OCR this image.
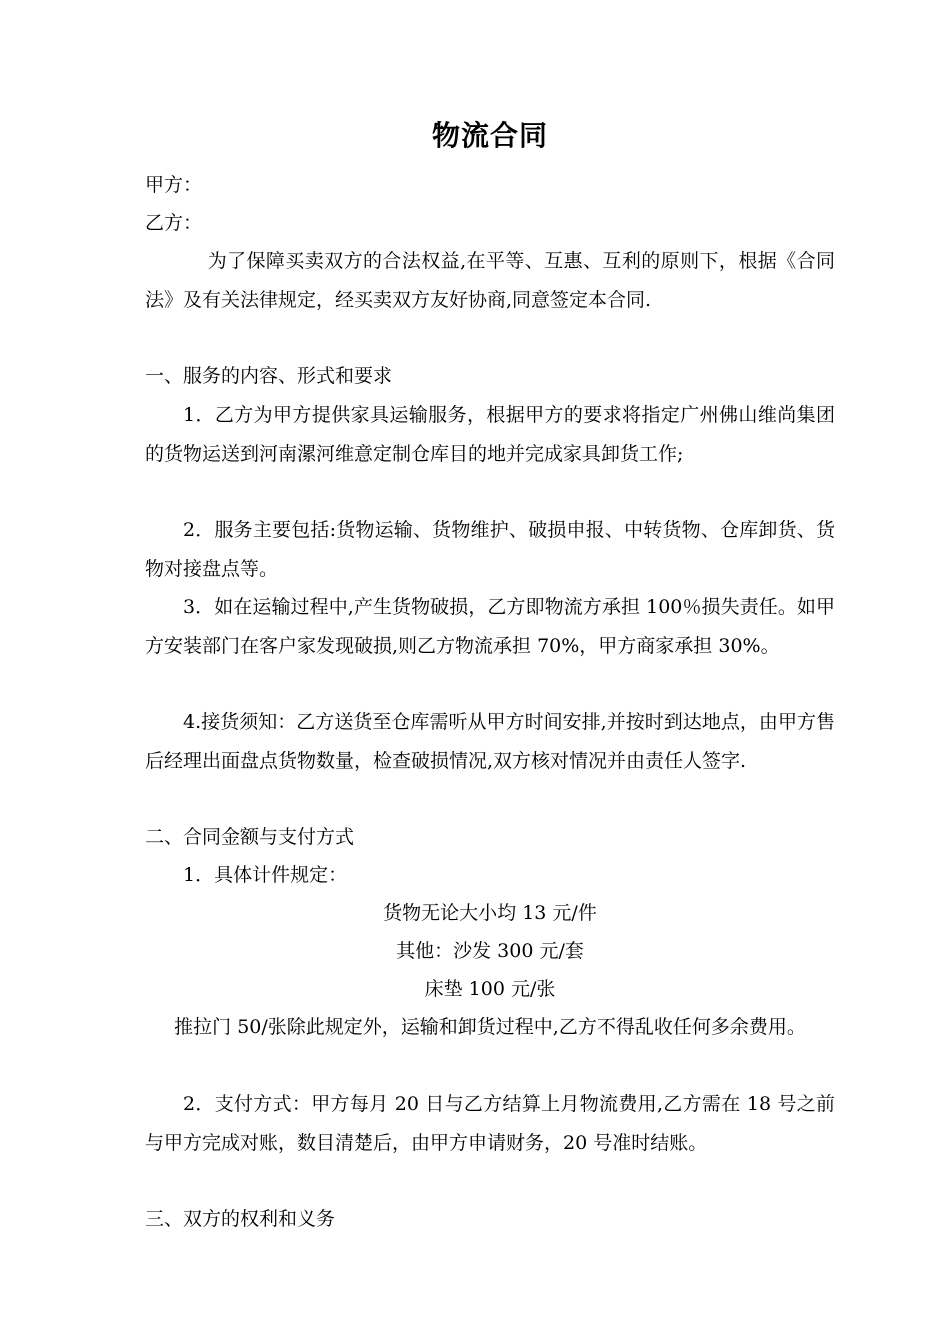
物流合同

甲方：

乙方：

为了保障买卖双方的合法权益,在平等、互惠、互利的原则下，根据《合同法》及有关法律规定，经买卖双方友好协商,同意签定本合同.

一、服务的内容、形式和要求

1．乙方为甲方提供家具运输服务，根据甲方的要求将指定广州佛山维尚集团的货物运送到河南漯河维意定制仓库目的地并完成家具卸货工作;

2．服务主要包括:货物运输、货物维护、破损申报、中转货物、仓库卸货、货物对接盘点等。

3．如在运输过程中,产生货物破损，乙方即物流方承担 100％损失责任。如甲方安装部门在客户家发现破损,则乙方物流承担 70%，甲方商家承担 30%。

4.接货须知：乙方送货至仓库需听从甲方时间安排,并按时到达地点，由甲方售后经理出面盘点货物数量，检查破损情况,双方核对情况并由责任人签字.

二、合同金额与支付方式

1．具体计件规定：

货物无论大小均 13 元/件

其他：沙发 300 元/套

床垫 100 元/张

推拉门 50/张除此规定外，运输和卸货过程中,乙方不得乱收任何多余费用。

2．支付方式：甲方每月 20 日与乙方结算上月物流费用,乙方需在 18 号之前与甲方完成对账，数目清楚后，由甲方申请财务，20 号准时结账。

三、双方的权利和义务
